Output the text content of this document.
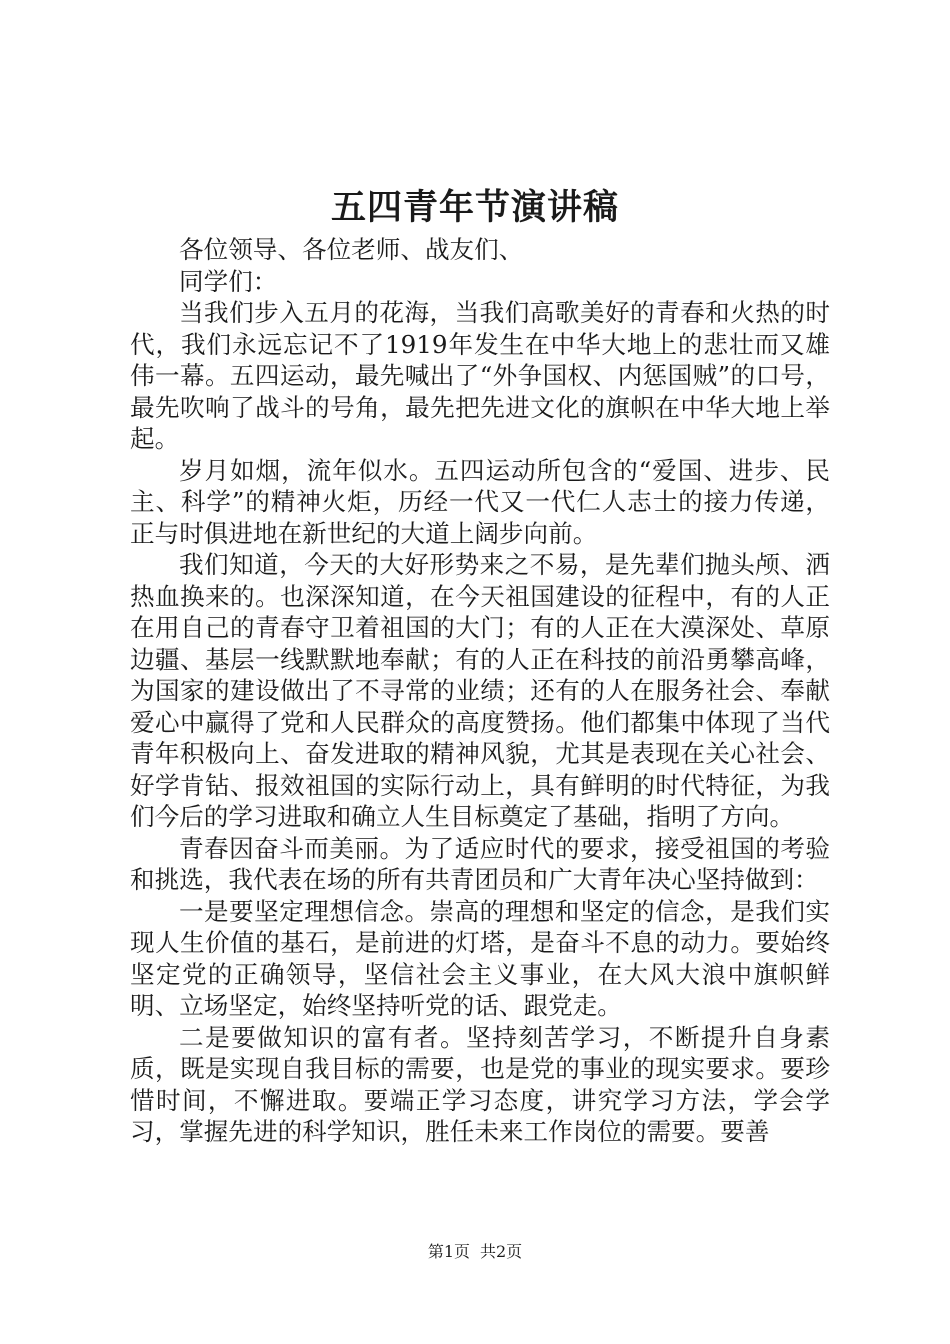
五四青年节演讲稿

各位领导、各位老师、战友们、

同学们：

当我们步入五月的花海，当我们高歌美好的青春和火热的时代，我们永远忘记不了1919年发生在中华大地上的悲壮而又雄伟一幕。五四运动，最先喊出了“外争国权、内惩国贼”的口号，最先吹响了战斗的号角，最先把先进文化的旗帜在中华大地上举起。

岁月如烟，流年似水。五四运动所包含的“爱国、进步、民主、科学”的精神火炬，历经一代又一代仁人志士的接力传递，正与时俱进地在新世纪的大道上阔步向前。

我们知道，今天的大好形势来之不易，是先辈们抛头颅、洒热血换来的。也深深知道，在今天祖国建设的征程中，有的人正在用自己的青春守卫着祖国的大门；有的人正在大漠深处、草原边疆、基层一线默默地奉献；有的人正在科技的前沿勇攀高峰，为国家的建设做出了不寻常的业绩；还有的人在服务社会、奉献爱心中赢得了党和人民群众的高度赞扬。他们都集中体现了当代青年积极向上、奋发进取的精神风貌，尤其是表现在关心社会、好学肯钻、报效祖国的实际行动上，具有鲜明的时代特征，为我们今后的学习进取和确立人生目标奠定了基础，指明了方向。

青春因奋斗而美丽。为了适应时代的要求，接受祖国的考验和挑选，我代表在场的所有共青团员和广大青年决心坚持做到：

一是要坚定理想信念。崇高的理想和坚定的信念，是我们实现人生价值的基石，是前进的灯塔，是奋斗不息的动力。要始终坚定党的正确领导，坚信社会主义事业，在大风大浪中旗帜鲜明、立场坚定，始终坚持听党的话、跟党走。

二是要做知识的富有者。坚持刻苦学习，不断提升自身素质，既是实现自我目标的需要，也是党的事业的现实要求。要珍惜时间，不懈进取。要端正学习态度，讲究学习方法，学会学习，掌握先进的科学知识，胜任未来工作岗位的需要。要善

第1页 共2页
